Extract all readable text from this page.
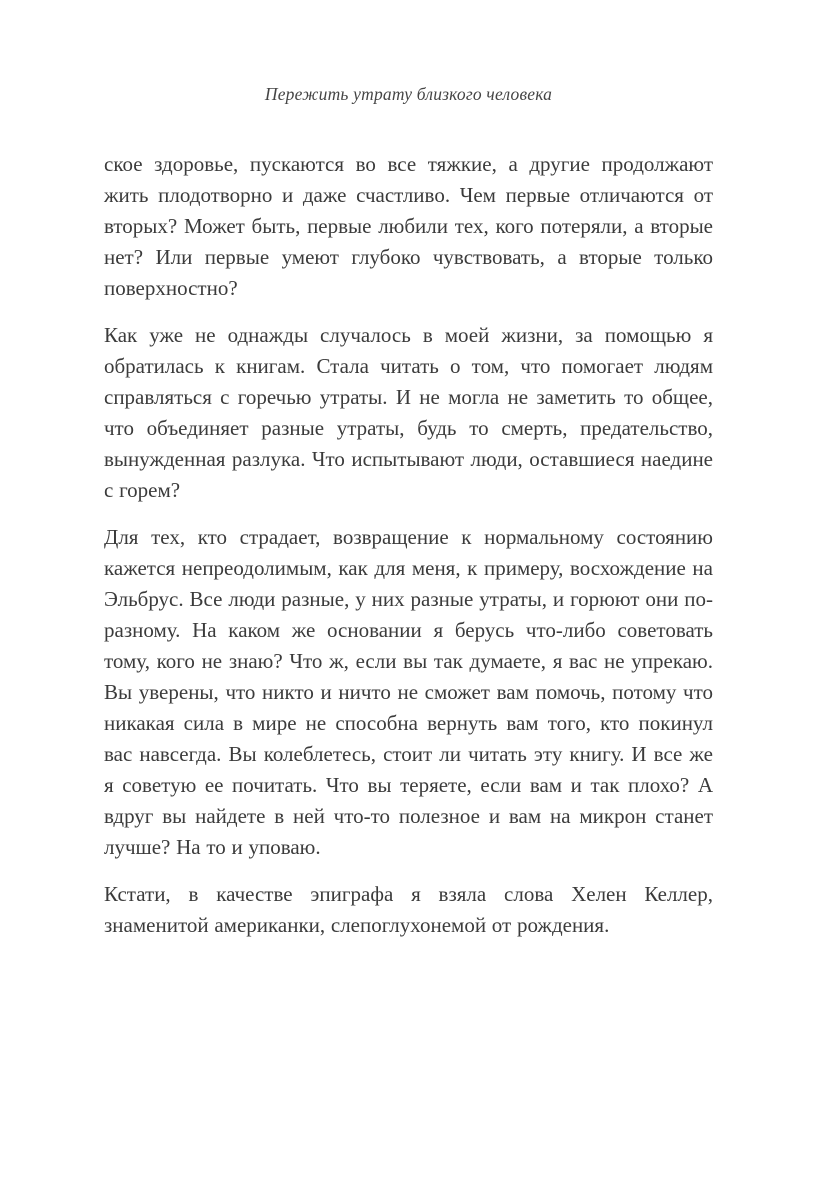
Пережить утрату близкого человека

ское здоровье, пускаются во все тяжкие, а другие продолжают жить плодотворно и даже счастливо. Чем первые отличаются от вторых? Может быть, первые любили тех, кого потеряли, а вторые нет? Или первые умеют глубоко чувствовать, а вторые только поверхностно?

Как уже не однажды случалось в моей жизни, за помощью я обратилась к книгам. Стала читать о том, что помогает людям справляться с горечью утраты. И не могла не заметить то общее, что объединяет разные утраты, будь то смерть, предательство, вынужденная разлука. Что испытывают люди, оставшиеся наедине с горем?

Для тех, кто страдает, возвращение к нормальному состоянию кажется непреодолимым, как для меня, к примеру, восхождение на Эльбрус. Все люди разные, у них разные утраты, и горюют они по-разному. На каком же основании я берусь что-либо советовать тому, кого не знаю? Что ж, если вы так думаете, я вас не упрекаю. Вы уверены, что никто и ничто не сможет вам помочь, потому что никакая сила в мире не способна вернуть вам того, кто покинул вас навсегда. Вы колеблетесь, стоит ли читать эту книгу. И все же я советую ее почитать. Что вы теряете, если вам и так плохо? А вдруг вы найдете в ней что-то полезное и вам на микрон станет лучше? На то и уповаю.

Кстати, в качестве эпиграфа я взяла слова Хелен Келлер, знаменитой американки, слепоглухонемой от рождения.
